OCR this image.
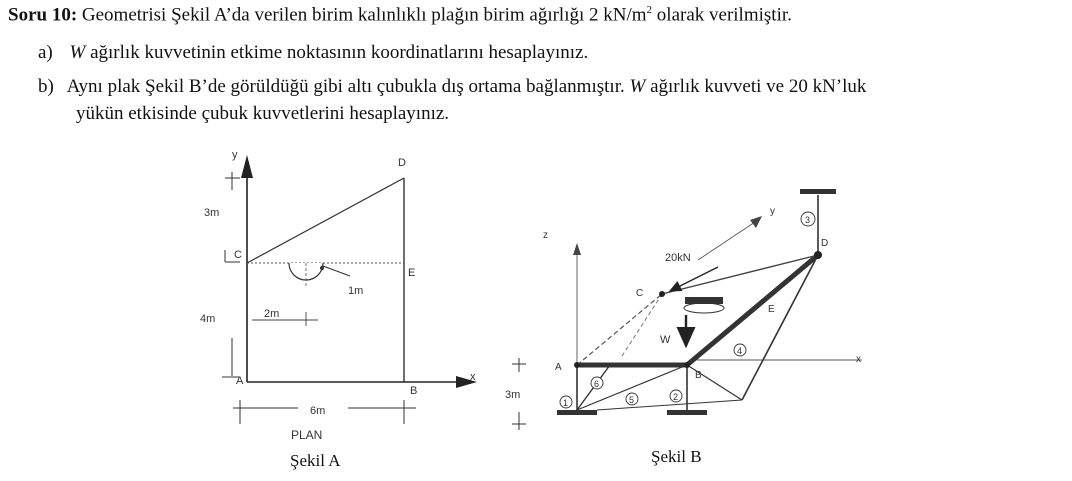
Soru 10: Geometrisi Şekil A’da verilen birim kalınlıklı plağın birim ağırlığı 2 $kN/m^2$ olarak verilmiştir.
a) W ağırlık kuvvetinin etkime noktasının koordinatlarını hesaplayınız.
b) Aynı plak Şekil B’de görüldüğü gibi altı çubukla dış ortama bağlanmıştır. W ağırlık kuvveti ve 20 kN’luk
yükün etkisinde çubuk kuvvetlerini hesaplayınız.
y
x
D
C
E
A
B
3m
4m	2m
1m
6m
PLAN
Şekil A
z
x
y
20kN
W
3m
A
B
C
D
E
1
2
3
4
5
6
Şekil B
